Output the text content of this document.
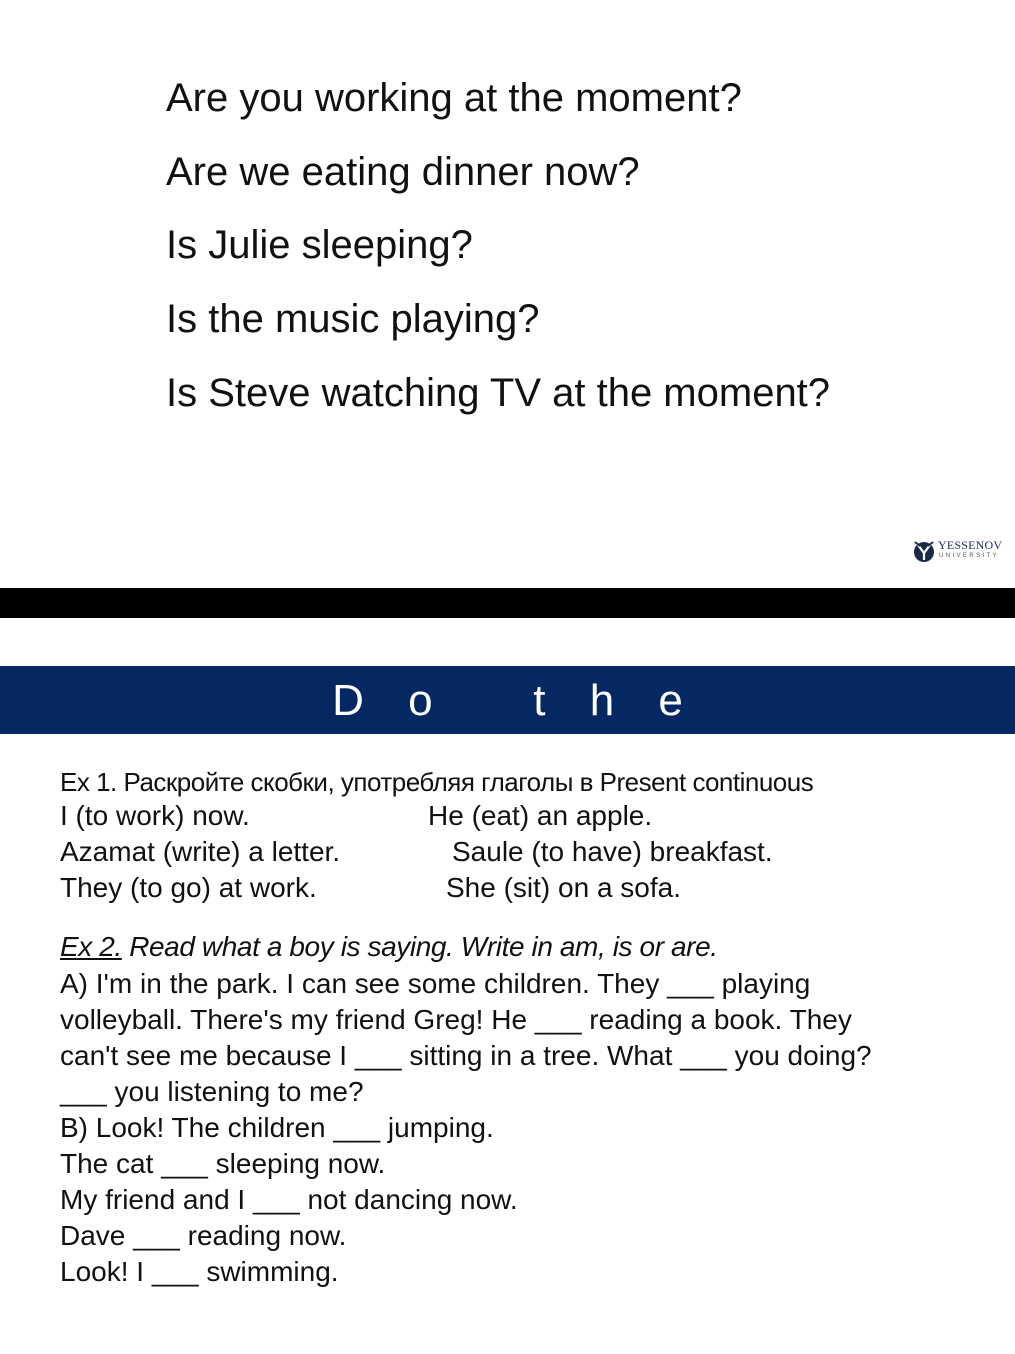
Are you working at the moment?
Are we eating dinner now?
Is Julie sleeping?
Is the music playing?
Is Steve watching TV at the moment?
YESSENOV
UNIVERSITY
D o   t h e
Ex 1. Раскройте скобки, употребляя глаголы в Present continuous
I (to work) now.	He (eat) an apple.
Azamat (write) a letter.	Saule (to have) breakfast.
They (to go) at work.	She (sit) on a sofa.
Ex 2. Read what a boy is saying. Write in am, is or are.
A) I'm in the park. I can see some children. They ___ playing
volleyball. There's my friend Greg! He ___ reading a book. They
can't see me because I ___ sitting in a tree. What ___ you doing?
___ you listening to me?
B) Look! The children ___ jumping.
The cat ___ sleeping now.
My friend and I ___ not dancing now.
Dave ___ reading now.
Look! I ___ swimming.
